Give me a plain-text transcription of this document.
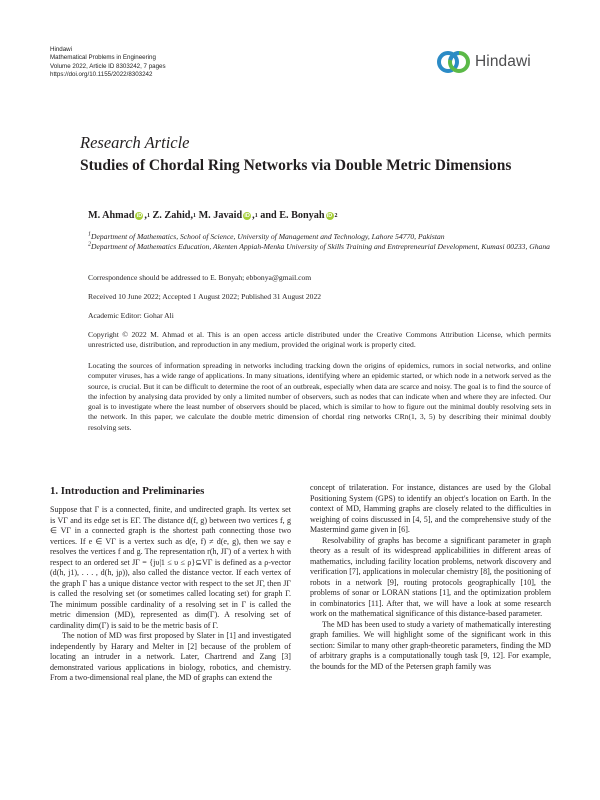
Hindawi
Mathematical Problems in Engineering
Volume 2022, Article ID 8303242, 7 pages
https://doi.org/10.1155/2022/8303242
Hindawi
Research Article
Studies of Chordal Ring Networks via Double Metric Dimensions
M. Ahmad iD , 1
Z. Zahid, 1
M. Javaid iD , 1
and E. Bonyah iD 2
$^1$Department of Mathematics, School of Science, University of Management and Technology, Lahore 54770, Pakistan
$^2$Department of Mathematics Education, Akenten Appiah-Menka University of Skills Training and Entrepreneurial Development, Kumasi 00233, Ghana
Correspondence should be addressed to E. Bonyah; ebbonya@gmail.com
Received 10 June 2022; Accepted 1 August 2022; Published 31 August 2022
Academic Editor: Gohar Ali
Copyright © 2022 M. Ahmad et al. This is an open access article distributed under the Creative Commons Attribution License, which permits unrestricted use, distribution, and reproduction in any medium, provided the original work is properly cited.
Locating the sources of information spreading in networks including tracking down the origins of epidemics, rumors in social networks, and online computer viruses, has a wide range of applications. In many situations, identifying where an epidemic started, or which node in a network served as the source, is crucial. But it can be difficult to determine the root of an outbreak, especially when data are scarce and noisy. The goal is to find the source of the infection by analysing data provided by only a limited number of observers, such as nodes that can indicate when and where they are infected. Our goal is to investigate where the least number of observers should be placed, which is similar to how to figure out the minimal doubly resolving sets in the network. In this paper, we calculate the double metric dimension of chordal ring networks CRn(1, 3, 5) by describing their minimal doubly resolving sets.
1. Introduction and Preliminaries

Suppose that Γ is a connected, finite, and undirected graph. Its vertex set is VΓ and its edge set is EΓ. The distance d(f, g) between two vertices f, g ∈ VΓ in a connected graph is the shortest path connecting those two vertices. If e ∈ VΓ is a vertex such as d(e, f) ≠ d(e, g), then we say e resolves the vertices f and g. The representation r(h, JΓ) of a vertex h with respect to an ordered set JΓ = {jυ|1 ≤ υ ≤ ρ}⊆VΓ is defined as a ρ-vector (d(h, j1), . . . , d(h, jρ)), also called the distance vector. If each vertex of the graph Γ has a unique distance vector with respect to the set JΓ, then JΓ is called the resolving set (or sometimes called locating set) for graph Γ. The minimum possible cardinality of a resolving set in Γ is called the metric dimension (MD), represented as dim(Γ). A resolving set of cardinality dim(Γ) is said to be the metric basis of Γ.

The notion of MD was first proposed by Slater in [1] and investigated independently by Harary and Melter in [2] because of the problem of locating an intruder in a network. Later, Chartrend and Zang [3] demonstrated various applications in biology, robotics, and chemistry. From a two-dimensional real plane, the MD of graphs can extend the

concept of trilateration. For instance, distances are used by the Global Positioning System (GPS) to identify an object's location on Earth. In the context of MD, Hamming graphs are closely related to the difficulties in weighing of coins discussed in [4, 5], and the comprehensive study of the Mastermind game given in [6].

Resolvability of graphs has become a significant parameter in graph theory as a result of its widespread applicabilities in different areas of mathematics, including facility location problems, network discovery and verification [7], applications in molecular chemistry [8], the positioning of robots in a network [9], routing protocols geographically [10], the problems of sonar or LORAN stations [1], and the optimization problem in combinatorics [11]. After that, we will have a look at some research work on the mathematical significance of this distance-based parameter.

The MD has been used to study a variety of mathematically interesting graph families. We will highlight some of the significant work in this section: Similar to many other graph-theoretic parameters, finding the MD of arbitrary graphs is a computationally tough task [9, 12]. For example, the bounds for the MD of the Petersen graph family was
